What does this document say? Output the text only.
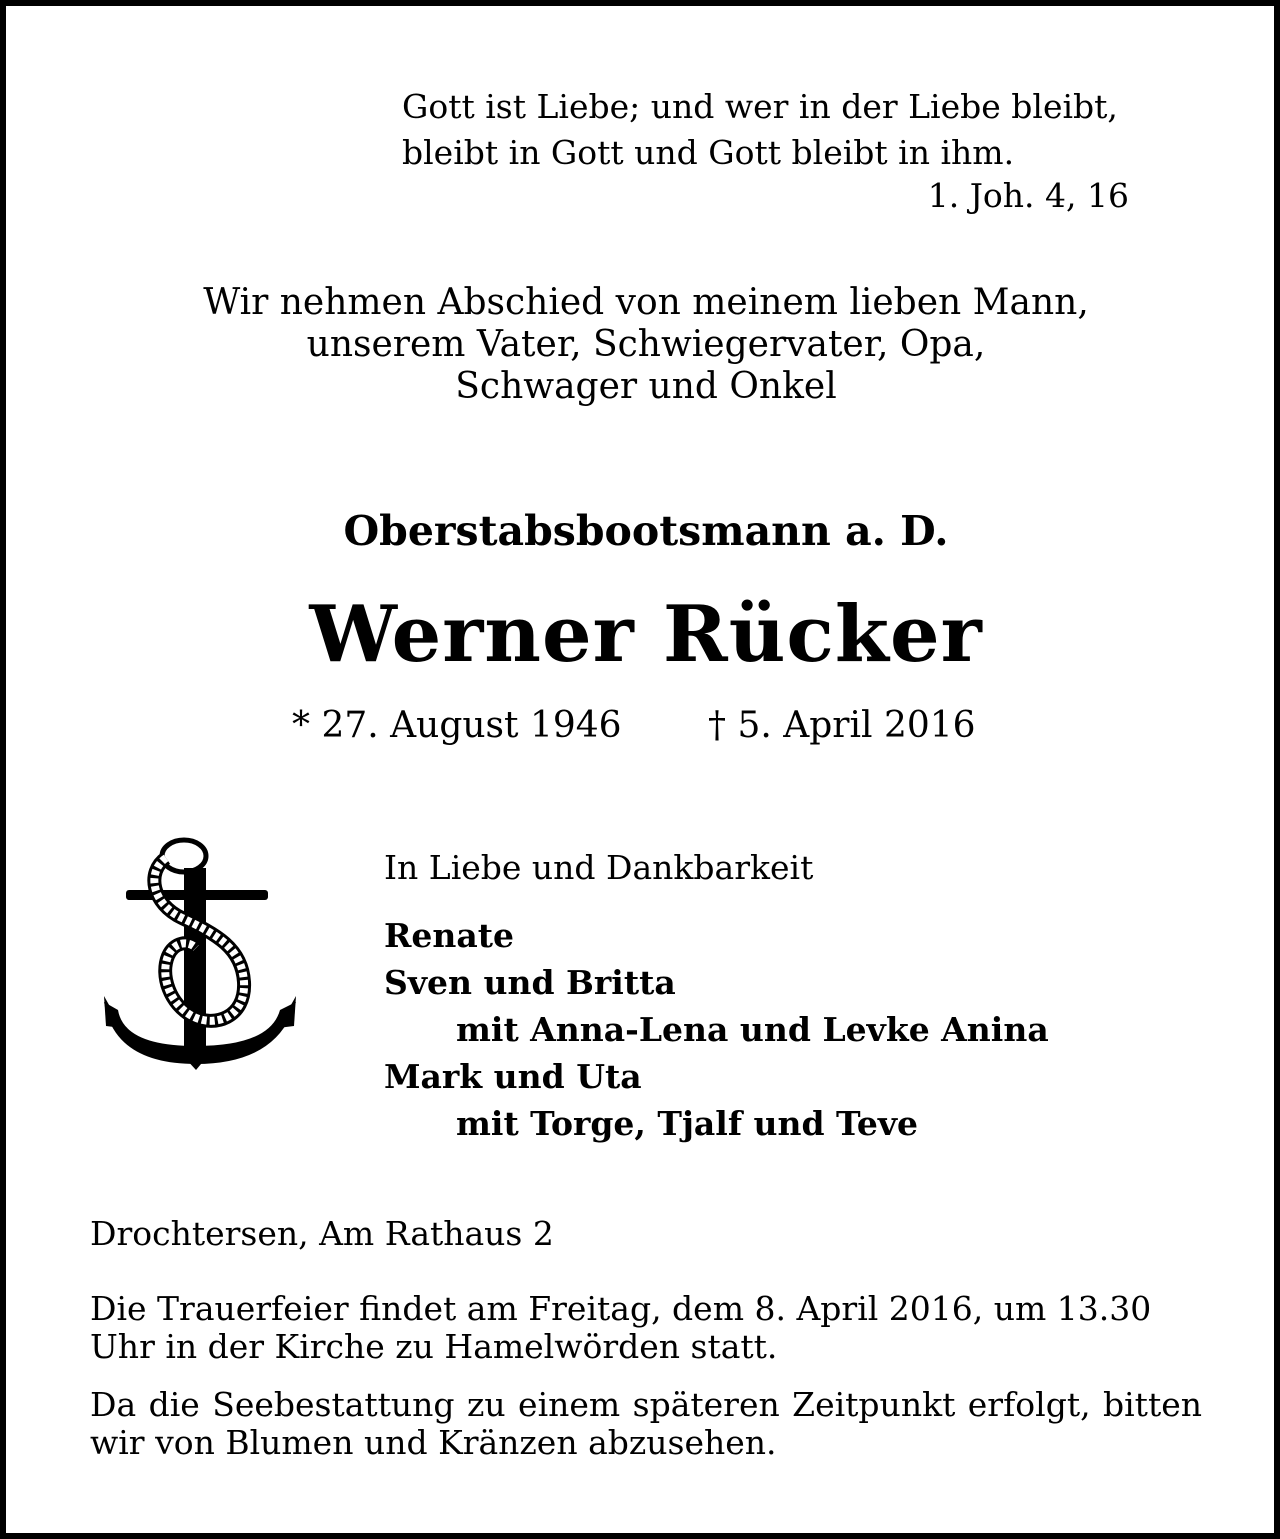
Gott ist Liebe; und wer in der Liebe bleibt,
bleibt in Gott und Gott bleibt in ihm.
1. Joh. 4, 16
Wir nehmen Abschied von meinem lieben Mann,
unserem Vater, Schwiegervater, Opa,
Schwager und Onkel
Oberstabsbootsmann a. D.
Werner Rücker
* 27. August 1946 † 5. April 2016
In Liebe und Dankbarkeit
Renate
Sven und Britta
mit Anna-Lena und Levke Anina
Mark und Uta
mit Torge, Tjalf und Teve
Drochtersen, Am Rathaus 2
Die Trauerfeier findet am Freitag, dem 8. April 2016, um 13.30 Uhr in der Kirche zu Hamelwörden statt.
Da die Seebestattung zu einem späteren Zeitpunkt erfolgt, bitten wir von Blumen und Kränzen abzusehen.
